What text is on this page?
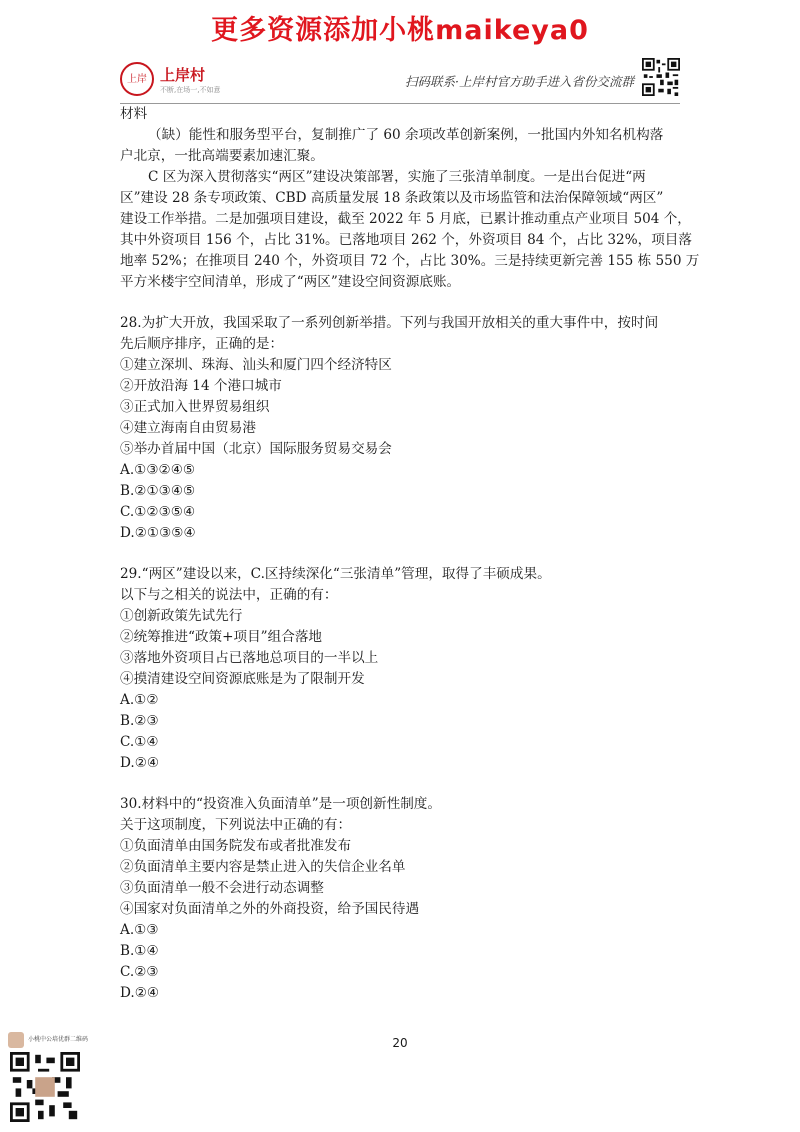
更多资源添加小桃maikeya0
上岸 上岸村
不断,在场一,不如意
扫码联系·上岸村官方助手进入省份交流群
材料
（缺）能性和服务型平台，复制推广了 60 余项改革创新案例，一批国内外知名机构落
户北京，一批高端要素加速汇聚。
C 区为深入贯彻落实“两区”建设决策部署，实施了三张清单制度。一是出台促进“两
区”建设 28 条专项政策、CBD 高质量发展 18 条政策以及市场监管和法治保障领域“两区”
建设工作举措。二是加强项目建设，截至 2022 年 5 月底，已累计推动重点产业项目 504 个，
其中外资项目 156 个，占比 31%。已落地项目 262 个，外资项目 84 个，占比 32%，项目落
地率 52%；在推项目 240 个，外资项目 72 个，占比 30%。三是持续更新完善 155 栋 550 万
平方米楼宇空间清单，形成了“两区”建设空间资源底账。
28.为扩大开放，我国采取了一系列创新举措。下列与我国开放相关的重大事件中，按时间
先后顺序排序，正确的是：
①建立深圳、珠海、汕头和厦门四个经济特区
②开放沿海 14 个港口城市
③正式加入世界贸易组织
④建立海南自由贸易港
⑤举办首届中国（北京）国际服务贸易交易会
A.①③②④⑤
B.②①③④⑤
C.①②③⑤④
D.②①③⑤④
29.“两区”建设以来，C.区持续深化“三张清单”管理，取得了丰硕成果。
以下与之相关的说法中，正确的有：
①创新政策先试先行
②统筹推进“政策+项目”组合落地
③落地外资项目占已落地总项目的一半以上
④摸清建设空间资源底账是为了限制开发
A.①②
B.②③
C.①④
D.②④
30.材料中的“投资准入负面清单”是一项创新性制度。
关于这项制度，下列说法中正确的有：
①负面清单由国务院发布或者批准发布
②负面清单主要内容是禁止进入的失信企业名单
③负面清单一般不会进行动态调整
④国家对负面清单之外的外商投资，给予国民待遇
A.①③
B.①④
C.②③
D.②④
20
小桃中公培优群二维码
